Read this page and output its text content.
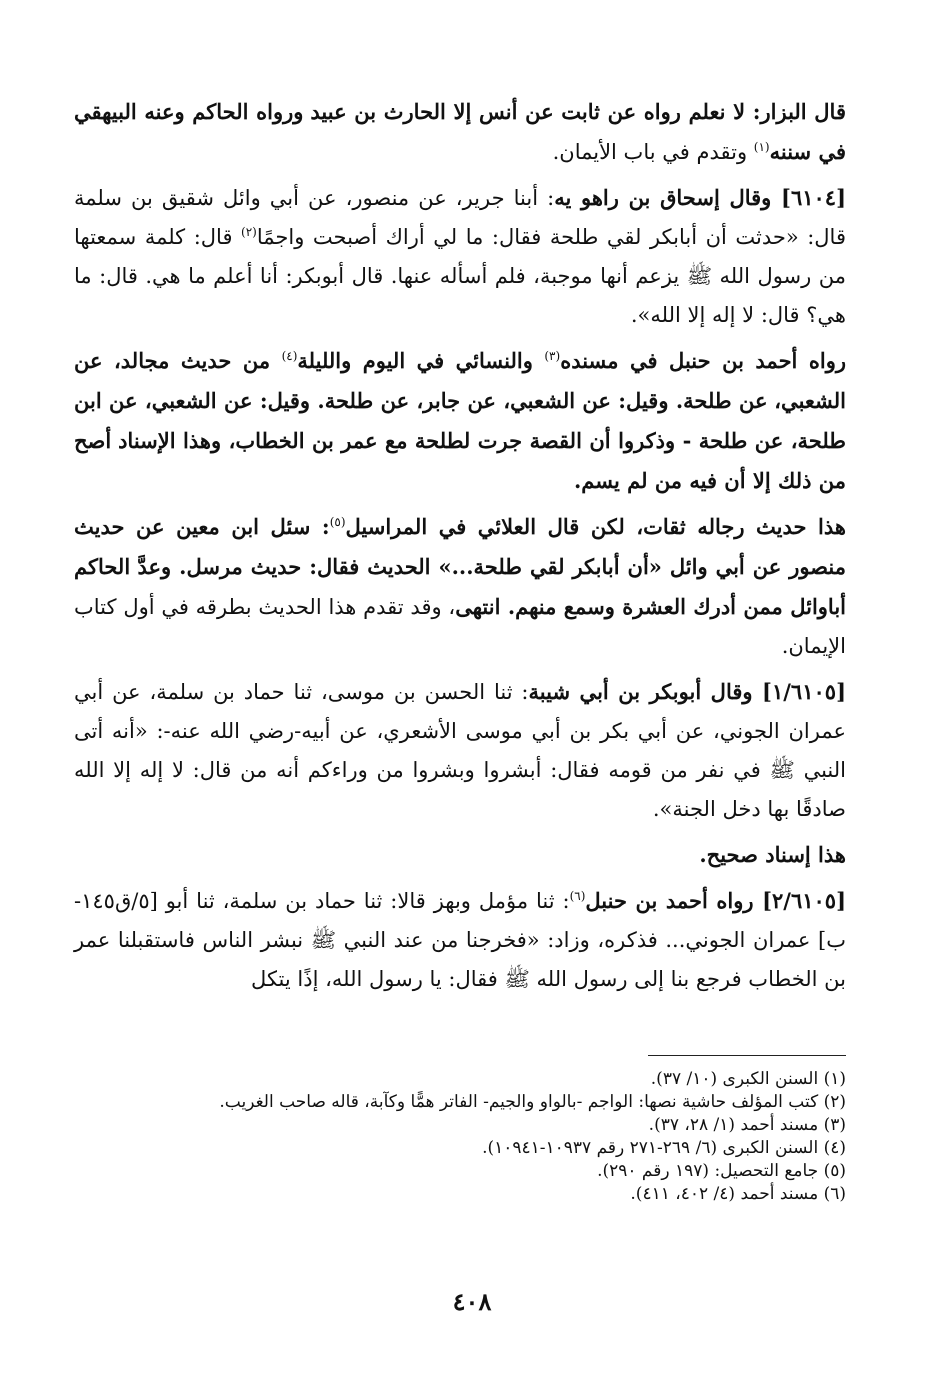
قال البزار: لا نعلم رواه عن ثابت عن أنس إلا الحارث بن عبيد ورواه الحاكم وعنه البيهقي في سننه$^{(١)}$ وتقدم في باب الأيمان.
[٦١٠٤] وقال إسحاق بن راهو يه: أبنا جرير، عن منصور، عن أبي وائل شقيق بن سلمة قال: «حدثت أن أبابكر لقي طلحة فقال: ما لي أراك أصبحت واجمًا$^{(٢)}$ قال: كلمة سمعتها من رسول الله ﷺ يزعم أنها موجبة، فلم أسأله عنها. قال أبوبكر: أنا أعلم ما هي. قال: ما هي؟ قال: لا إله إلا الله».
رواه أحمد بن حنبل في مسنده$^{(٣)}$ والنسائي في اليوم والليلة$^{(٤)}$ من حديث مجالد، عن الشعبي، عن طلحة. وقيل: عن الشعبي، عن جابر، عن طلحة. وقيل: عن الشعبي، عن ابن طلحة، عن طلحة - وذكروا أن القصة جرت لطلحة مع عمر بن الخطاب، وهذا الإسناد أصح من ذلك إلا أن فيه من لم يسم.
هذا حديث رجاله ثقات، لكن قال العلائي في المراسيل$^{(٥)}$: سئل ابن معين عن حديث منصور عن أبي وائل «أن أبابكر لقي طلحة...» الحديث فقال: حديث مرسل. وعدَّ الحاكم أباوائل ممن أدرك العشرة وسمع منهم. انتهى، وقد تقدم هذا الحديث بطرقه في أول كتاب الإيمان.
[١/٦١٠٥] وقال أبوبكر بن أبي شيبة: ثنا الحسن بن موسى، ثنا حماد بن سلمة، عن أبي عمران الجوني، عن أبي بكر بن أبي موسى الأشعري، عن أبيه-رضي الله عنه-: «أنه أتى النبي ﷺ في نفر من قومه فقال: أبشروا وبشروا من وراءكم أنه من قال: لا إله إلا الله صادقًا بها دخل الجنة».
هذا إسناد صحيح.
[٢/٦١٠٥] رواه أحمد بن حنبل$^{(٦)}$: ثنا مؤمل وبهز قالا: ثنا حماد بن سلمة، ثنا أبو [٥/ق١٤٥-ب] عمران الجوني... فذكره، وزاد: «فخرجنا من عند النبي ﷺ نبشر الناس فاستقبلنا عمر بن الخطاب فرجع بنا إلى رسول الله ﷺ فقال: يا رسول الله، إذًا يتكل
(١) السنن الكبرى (١٠/ ٣٧).
(٢) كتب المؤلف حاشية نصها: الواجم -بالواو والجيم- الفاتر همًّا وكآبة، قاله صاحب الغريب.
(٣) مسند أحمد (١/ ٢٨، ٣٧).
(٤) السنن الكبرى (٦/ ٢٦٩-٢٧١ رقم ١٠٩٣٧-١٠٩٤١).
(٥) جامع التحصيل: (١٩٧ رقم ٢٩٠).
(٦) مسند أحمد (٤/ ٤٠٢، ٤١١).
٤٠٨
